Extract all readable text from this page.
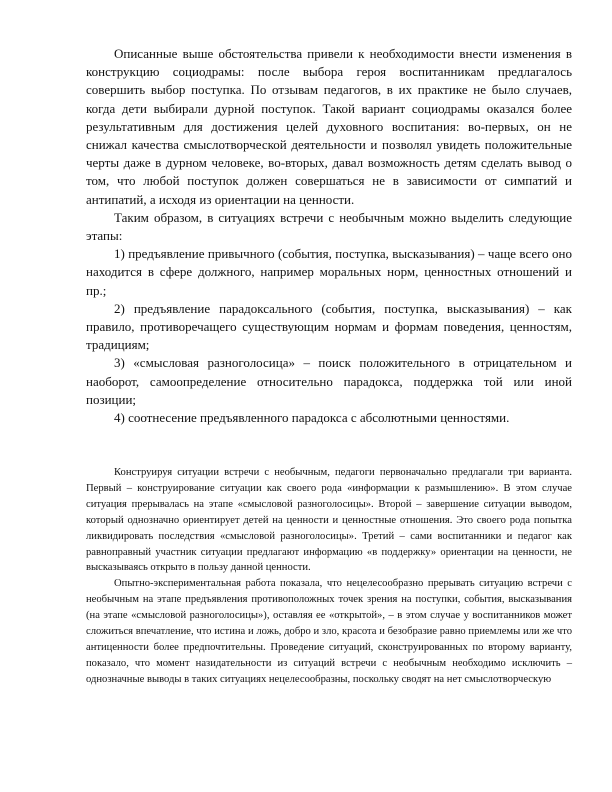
Описанные выше обстоятельства привели к необходимости внести изменения в конструкцию социодрамы: после выбора героя воспитанникам предлагалось совершить выбор поступка. По отзывам педагогов, в их практике не было случаев, когда дети выбирали дурной поступок. Такой вариант социодрамы оказался более результативным для достижения целей духовного воспитания: во-первых, он не снижал качества смыслотворческой деятельности и позволял увидеть положительные черты даже в дурном человеке, во-вторых, давал возможность детям сделать вывод о том, что любой поступок должен совершаться не в зависимости от симпатий и антипатий, а исходя из ориентации на ценности.

Таким образом, в ситуациях встречи с необычным можно выделить следующие этапы:

1) предъявление привычного (события, поступка, высказывания) – чаще всего оно находится в сфере должного, например моральных норм, ценностных отношений и пр.;

2) предъявление парадоксального (события, поступка, высказывания) – как правило, противоречащего существующим нормам и формам поведения, ценностям, традициям;

3) «смысловая разноголосица» – поиск положительного в отрицательном и наоборот, самоопределение относительно парадокса, поддержка той или иной позиции;

4) соотнесение предъявленного парадокса с абсолютными ценностями.

Конструируя ситуации встречи с необычным, педагоги первоначально предлагали три варианта. Первый – конструирование ситуации как своего рода «информации к размышлению». В этом случае ситуация прерывалась на этапе «смысловой разноголосицы». Второй – завершение ситуации выводом, который однозначно ориентирует детей на ценности и ценностные отношения. Это своего рода попытка ликвидировать последствия «смысловой разноголосицы». Третий – сами воспитанники и педагог как равноправный участник ситуации предлагают информацию «в поддержку» ориентации на ценности, не высказываясь открыто в пользу данной ценности.

Опытно-экспериментальная работа показала, что нецелесообразно прерывать ситуацию встречи с необычным на этапе предъявления противоположных точек зрения на поступки, события, высказывания (на этапе «смысловой разноголосицы»), оставляя ее «открытой», – в этом случае у воспитанников может сложиться впечатление, что истина и ложь, добро и зло, красота и безобразие равно приемлемы или же что антиценности более предпочтительны. Проведение ситуаций, сконструированных по второму варианту, показало, что момент назидательности из ситуаций встречи с необычным необходимо исключить – однозначные выводы в таких ситуациях нецелесообразны, поскольку сводят на нет смыслотворческую
